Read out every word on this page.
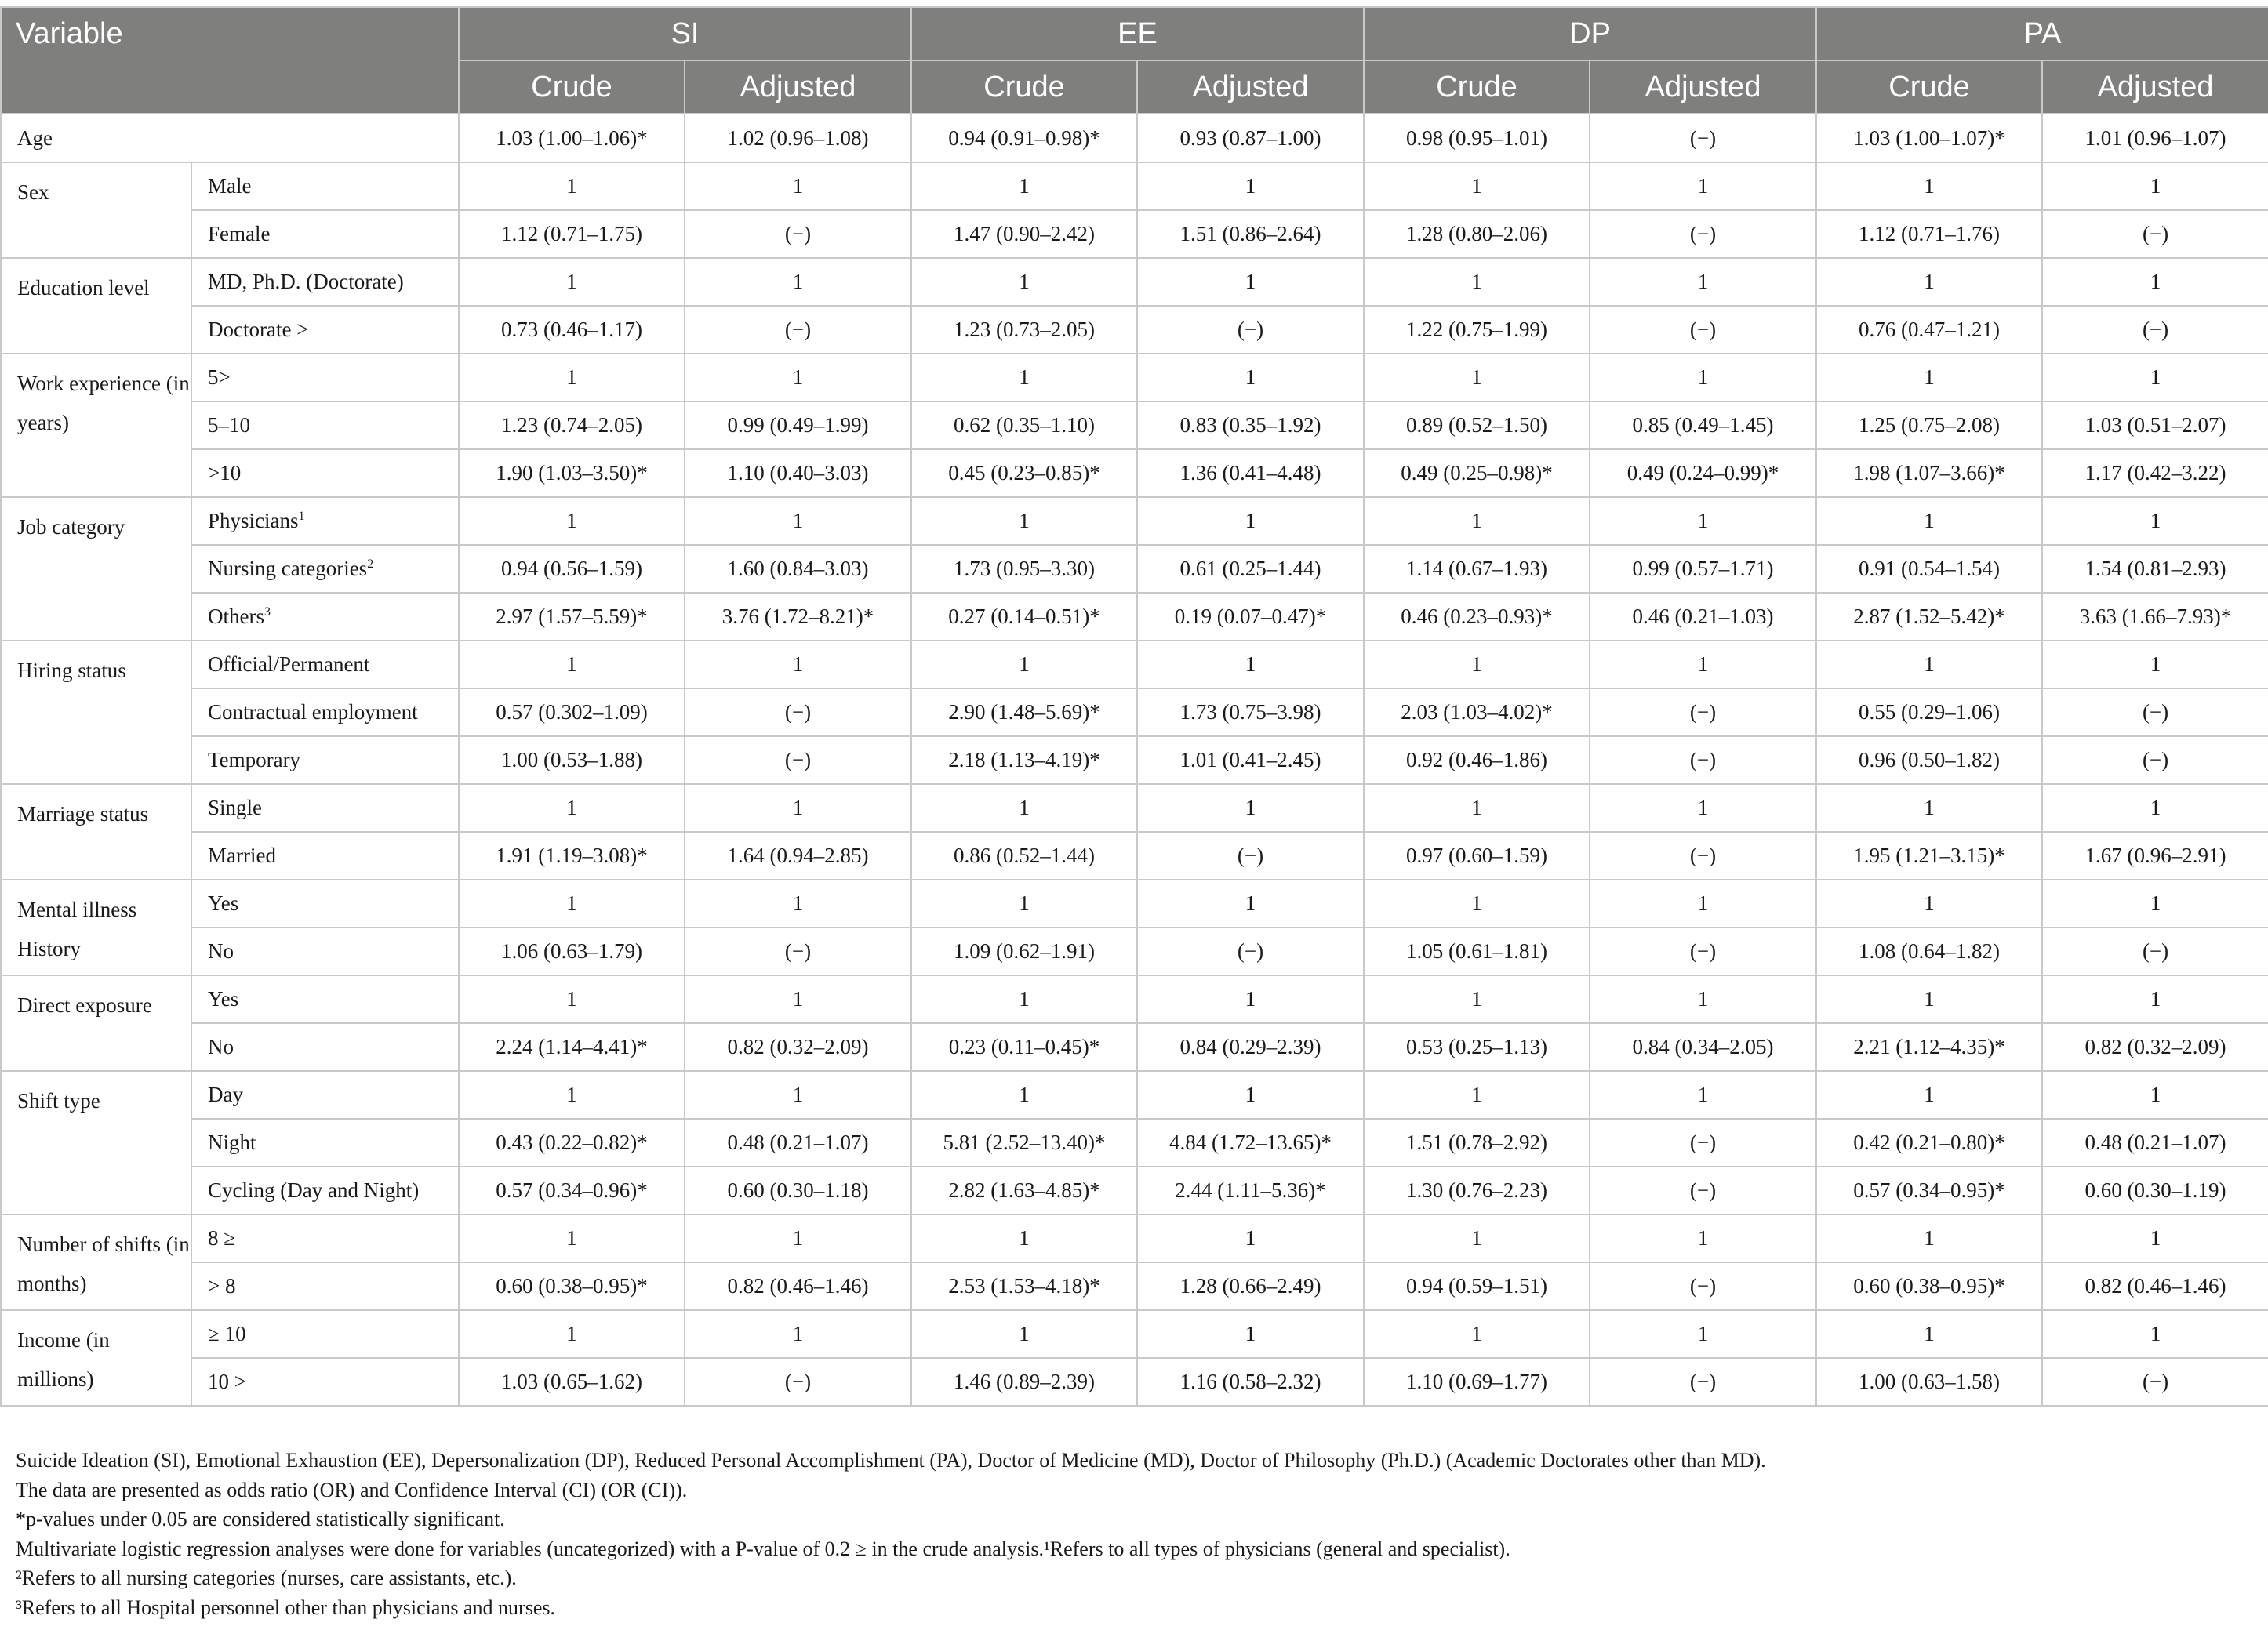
Variable		SI		EE		DP		PA	
		Crude	Adjusted	Crude	Adjusted	Crude	Adjusted	Crude	Adjusted
Age		1.03 (1.00–1.06)*	1.02 (0.96–1.08)	0.94 (0.91–0.98)*	0.93 (0.87–1.00)	0.98 (0.95–1.01)	(−)	1.03 (1.00–1.07)*	1.01 (0.96–1.07)
Sex	Male	1	1	1	1	1	1	1	1
	Female	1.12 (0.71–1.75)	(−)	1.47 (0.90–2.42)	1.51 (0.86–2.64)	1.28 (0.80–2.06)	(−)	1.12 (0.71–1.76)	(−)
Education level	MD, Ph.D. (Doctorate)	1	1	1	1	1	1	1	1
	Doctorate >	0.73 (0.46–1.17)	(−)	1.23 (0.73–2.05)	(−)	1.22 (0.75–1.99)	(−)	0.76 (0.47–1.21)	(−)
Work experience (in years)	5>	1	1	1	1	1	1	1	1
	5–10	1.23 (0.74–2.05)	0.99 (0.49–1.99)	0.62 (0.35–1.10)	0.83 (0.35–1.92)	0.89 (0.52–1.50)	0.85 (0.49–1.45)	1.25 (0.75–2.08)	1.03 (0.51–2.07)
	>10	1.90 (1.03–3.50)*	1.10 (0.40–3.03)	0.45 (0.23–0.85)*	1.36 (0.41–4.48)	0.49 (0.25–0.98)*	0.49 (0.24–0.99)*	1.98 (1.07–3.66)*	1.17 (0.42–3.22)
Job category	Physicians$^1$	1	1	1	1	1	1	1	1
	Nursing categories$^2$	0.94 (0.56–1.59)	1.60 (0.84–3.03)	1.73 (0.95–3.30)	0.61 (0.25–1.44)	1.14 (0.67–1.93)	0.99 (0.57–1.71)	0.91 (0.54–1.54)	1.54 (0.81–2.93)
	Others$^3$	2.97 (1.57–5.59)*	3.76 (1.72–8.21)*	0.27 (0.14–0.51)*	0.19 (0.07–0.47)*	0.46 (0.23–0.93)*	0.46 (0.21–1.03)	2.87 (1.52–5.42)*	3.63 (1.66–7.93)*
Hiring status	Official/Permanent	1	1	1	1	1	1	1	1
	Contractual employment	0.57 (0.302–1.09)	(−)	2.90 (1.48–5.69)*	1.73 (0.75–3.98)	2.03 (1.03–4.02)*	(−)	0.55 (0.29–1.06)	(−)
	Temporary	1.00 (0.53–1.88)	(−)	2.18 (1.13–4.19)*	1.01 (0.41–2.45)	0.92 (0.46–1.86)	(−)	0.96 (0.50–1.82)	(−)
Marriage status	Single	1	1	1	1	1	1	1	1
	Married	1.91 (1.19–3.08)*	1.64 (0.94–2.85)	0.86 (0.52–1.44)	(−)	0.97 (0.60–1.59)	(−)	1.95 (1.21–3.15)*	1.67 (0.96–2.91)
Mental illness History	Yes	1	1	1	1	1	1	1	1
	No	1.06 (0.63–1.79)	(−)	1.09 (0.62–1.91)	(−)	1.05 (0.61–1.81)	(−)	1.08 (0.64–1.82)	(−)
Direct exposure	Yes	1	1	1	1	1	1	1	1
	No	2.24 (1.14–4.41)*	0.82 (0.32–2.09)	0.23 (0.11–0.45)*	0.84 (0.29–2.39)	0.53 (0.25–1.13)	0.84 (0.34–2.05)	2.21 (1.12–4.35)*	0.82 (0.32–2.09)
Shift type	Day	1	1	1	1	1	1	1	1
	Night	0.43 (0.22–0.82)*	0.48 (0.21–1.07)	5.81 (2.52–13.40)*	4.84 (1.72–13.65)*	1.51 (0.78–2.92)	(−)	0.42 (0.21–0.80)*	0.48 (0.21–1.07)
	Cycling (Day and Night)	0.57 (0.34–0.96)*	0.60 (0.30–1.18)	2.82 (1.63–4.85)*	2.44 (1.11–5.36)*	1.30 (0.76–2.23)	(−)	0.57 (0.34–0.95)*	0.60 (0.30–1.19)
Number of shifts (in months)	8 ≥	1	1	1	1	1	1	1	1
	> 8	0.60 (0.38–0.95)*	0.82 (0.46–1.46)	2.53 (1.53–4.18)*	1.28 (0.66–2.49)	0.94 (0.59–1.51)	(−)	0.60 (0.38–0.95)*	0.82 (0.46–1.46)
Income (in millions)	≥ 10	1	1	1	1	1	1	1	1
	10 >	1.03 (0.65–1.62)	(−)	1.46 (0.89–2.39)	1.16 (0.58–2.32)	1.10 (0.69–1.77)	(−)	1.00 (0.63–1.58)	(−)
Suicide Ideation (SI), Emotional Exhaustion (EE), Depersonalization (DP), Reduced Personal Accomplishment (PA), Doctor of Medicine (MD), Doctor of Philosophy (Ph.D.) (Academic Doctorates other than MD).
The data are presented as odds ratio (OR) and Confidence Interval (CI) (OR (CI)).
*p-values under 0.05 are considered statistically significant.
Multivariate logistic regression analyses were done for variables (uncategorized) with a P-value of 0.2 ≥ in the crude analysis.¹Refers to all types of physicians (general and specialist).
²Refers to all nursing categories (nurses, care assistants, etc.).
³Refers to all Hospital personnel other than physicians and nurses.
